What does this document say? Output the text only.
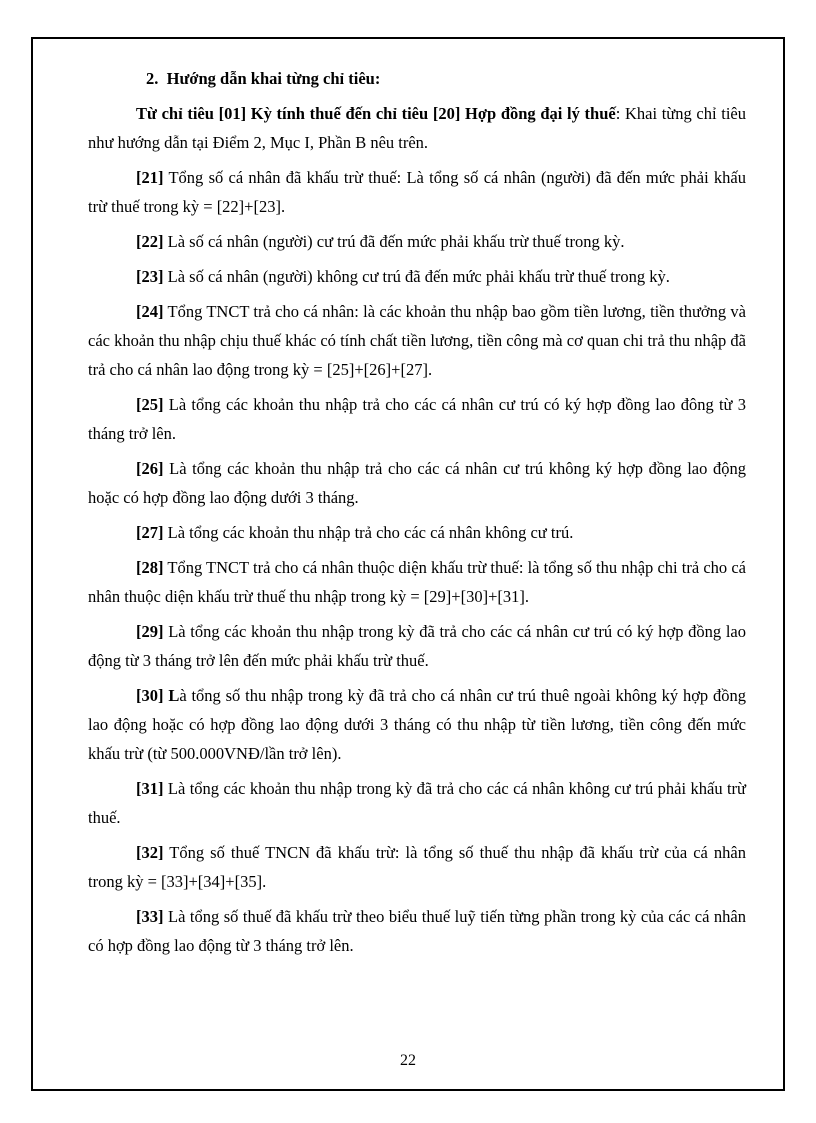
2.  Hướng dẫn khai từng chỉ tiêu:

Từ chỉ tiêu [01] Kỳ tính thuế đến chỉ tiêu [20] Hợp đồng đại lý thuế: Khai từng chỉ tiêu như hướng dẫn tại Điểm 2, Mục I, Phần B nêu trên.

[21] Tổng số cá nhân đã khấu trừ thuế: Là tổng số cá nhân (người) đã đến mức phải khấu trừ thuế trong kỳ = [22]+[23].

[22] Là số cá nhân (người) cư trú đã đến mức phải khấu trừ thuế trong kỳ.

[23] Là số cá nhân (người) không cư trú đã đến mức phải khấu trừ thuế trong kỳ.

[24] Tổng TNCT trả cho cá nhân: là các khoản thu nhập bao gồm tiền lương, tiền thưởng và các khoản thu nhập chịu thuế khác có tính chất tiền lương, tiền công mà cơ quan chi trả thu nhập đã trả cho cá nhân lao động trong kỳ = [25]+[26]+[27].

[25] Là tổng các khoản thu nhập trả cho các cá nhân cư trú có ký hợp đồng lao đông từ 3 tháng trở lên.

[26] Là tổng các khoản thu nhập trả cho các cá nhân cư trú không ký hợp đồng lao động hoặc có hợp đồng lao động dưới 3 tháng.

[27] Là tổng các khoản thu nhập trả cho các cá nhân không cư trú.

[28] Tổng TNCT trả cho cá nhân thuộc diện khấu trừ thuế: là tổng số thu nhập chi trả cho cá nhân thuộc diện khấu trừ thuế thu nhập trong kỳ = [29]+[30]+[31].

[29] Là tổng các khoản thu nhập trong kỳ đã trả cho các cá nhân cư trú có ký hợp đồng lao động từ 3 tháng trở lên đến mức phải khấu trừ thuế.

[30] Là tổng số thu nhập trong kỳ đã trả cho cá nhân cư trú thuê ngoài không ký hợp đồng lao động hoặc có hợp đồng lao động dưới 3 tháng có thu nhập từ tiền lương, tiền công đến mức khấu trừ (từ 500.000VNĐ/lần trở lên).

[31] Là tổng các khoản thu nhập trong kỳ đã trả cho các cá nhân không cư trú phải khấu trừ thuế.

[32] Tổng số thuế TNCN đã khấu trừ: là tổng số thuế thu nhập đã khấu trừ của cá nhân trong kỳ = [33]+[34]+[35].

[33] Là tổng số thuế đã khấu trừ theo biểu thuế luỹ tiến từng phần trong kỳ của các cá nhân có hợp đồng lao động từ 3 tháng trở lên.

22
